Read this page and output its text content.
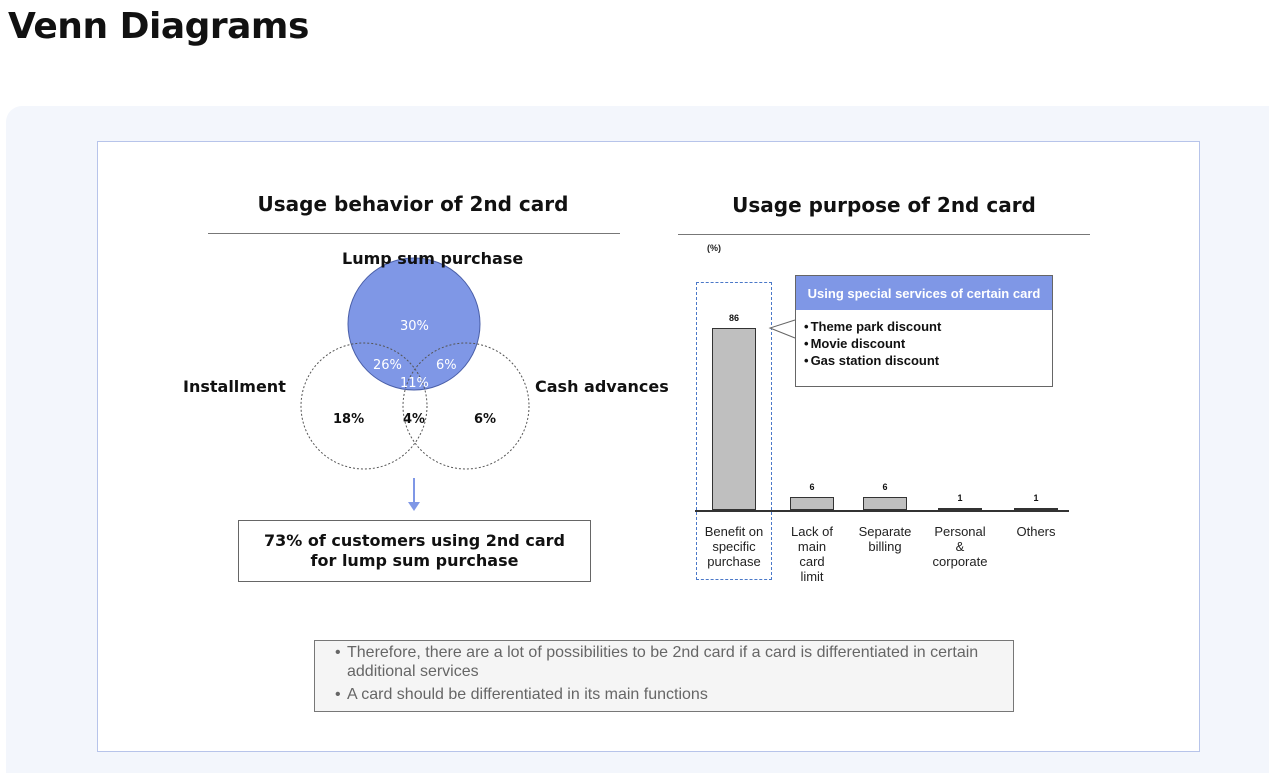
Venn Diagrams
Usage behavior of 2nd card
Lump sum purchase
Installment	Cash advances
30%
26%	6%
11%
18%	4%	6%
73% of customers using 2nd card
for lump sum purchase
Usage purpose of 2nd card
(%)
86
Benefit on
specific
purchase
6
Lack of
main
card
limit
6
Separate
billing
1
Personal
&
corporate
1
Others
Using special services of certain card
• Theme park discount
• Movie discount
• Gas station discount
• Therefore, there are a lot of possibilities to be 2nd card if a card is differentiated in certain additional services
• A card should be differentiated in its main functions
